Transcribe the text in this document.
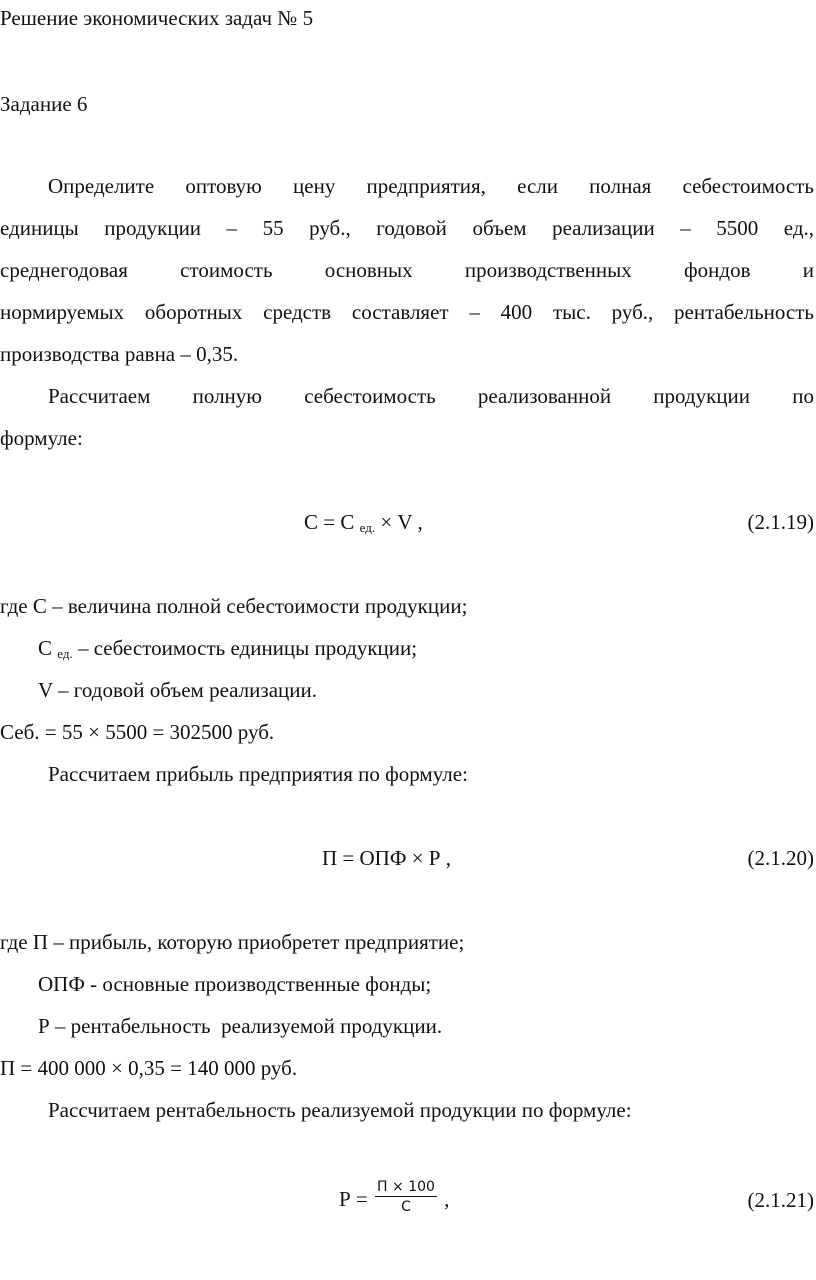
Решение экономических задач № 5
Задание 6
Определите оптовую цену предприятия, если полная себестоимость
единицы продукции – 55 руб., годовой объем реализации – 5500 ед.,
среднегодовая стоимость основных производственных фондов и
нормируемых оборотных средств составляет – 400 тыс. руб., рентабельность
производства равна – 0,35.
Рассчитаем полную себестоимость реализованной продукции по
формуле:
С = С $_{ед.}$ × V ,	(2.1.19)
где С – величина полной себестоимости продукции;
С $_{ед.}$ – себестоимость единицы продукции;
V – годовой объем реализации.
Себ. = 55 × 5500 = 302500 руб.
Рассчитаем прибыль предприятия по формуле:
П = ОПФ × Р ,	(2.1.20)
где П – прибыль, которую приобретет предприятие;
ОПФ - основные производственные фонды;
Р – рентабельность  реализуемой продукции.
П = 400 000 × 0,35 = 140 000 руб.
Рассчитаем рентабельность реализуемой продукции по формуле:
$Р = \frac{П \times 100}{С}$ ,	(2.1.21)
